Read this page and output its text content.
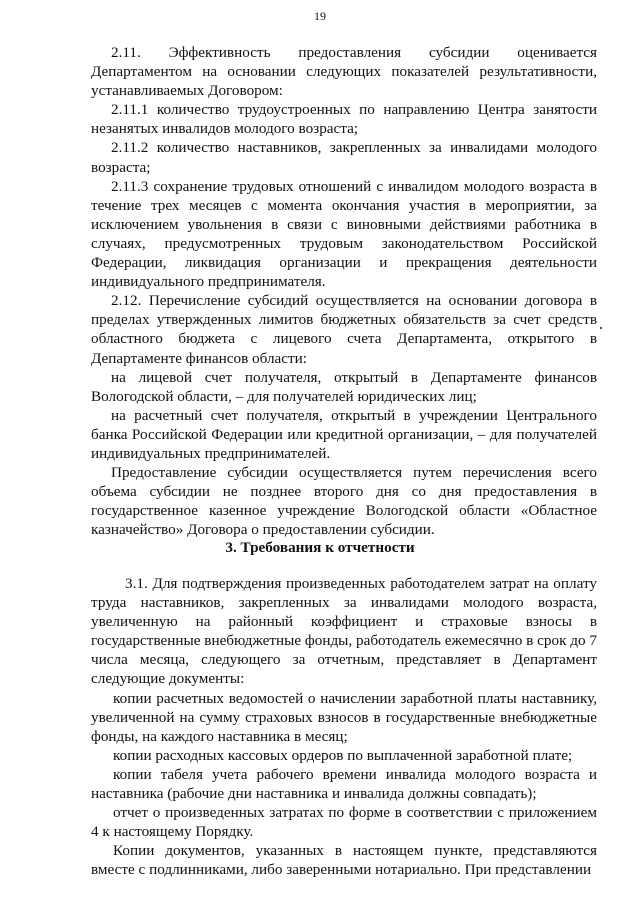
19

2.11. Эффективность предоставления субсидии оценивается Департаментом на основании следующих показателей результативности, устанавливаемых Договором:

2.11.1 количество трудоустроенных по направлению Центра занятости незанятых инвалидов молодого возраста;

2.11.2 количество наставников, закрепленных за инвалидами молодого возраста;

2.11.3 сохранение трудовых отношений с инвалидом молодого возраста в течение трех месяцев с момента окончания участия в мероприятии, за исключением увольнения в связи с виновными действиями работника в случаях, предусмотренных трудовым законодательством Российской Федерации, ликвидация организации и прекращения деятельности индивидуального предпринимателя.

2.12. Перечисление субсидий осуществляется на основании договора в пределах утвержденных лимитов бюджетных обязательств за счет средств областного бюджета с лицевого счета Департамента, открытого в Департаменте финансов области:

на лицевой счет получателя, открытый в Департаменте финансов Вологодской области, – для получателей юридических лиц;

на расчетный счет получателя, открытый в учреждении Центрального банка Российской Федерации или кредитной организации, – для получателей индивидуальных предпринимателей.

Предоставление субсидии осуществляется путем перечисления всего объема субсидии не позднее второго дня со дня предоставления в государственное казенное учреждение Вологодской области «Областное казначейство» Договора о предоставлении субсидии.

3. Требования к отчетности

3.1. Для подтверждения произведенных работодателем затрат на оплату труда наставников, закрепленных за инвалидами молодого возраста, увеличенную на районный коэффициент и страховые взносы в государственные внебюджетные фонды, работодатель ежемесячно в срок до 7 числа месяца, следующего за отчетным, представляет в Департамент следующие документы:

копии расчетных ведомостей о начислении заработной платы наставнику, увеличенной на сумму страховых взносов в государственные внебюджетные фонды, на каждого наставника в месяц;

копии расходных кассовых ордеров по выплаченной заработной плате;

копии табеля учета рабочего времени инвалида молодого возраста и наставника (рабочие дни наставника и инвалида должны совпадать);

отчет о произведенных затратах по форме в соответствии с приложением 4 к настоящему Порядку.

Копии документов, указанных в настоящем пункте, представляются вместе с подлинниками, либо заверенными нотариально. При представлении
